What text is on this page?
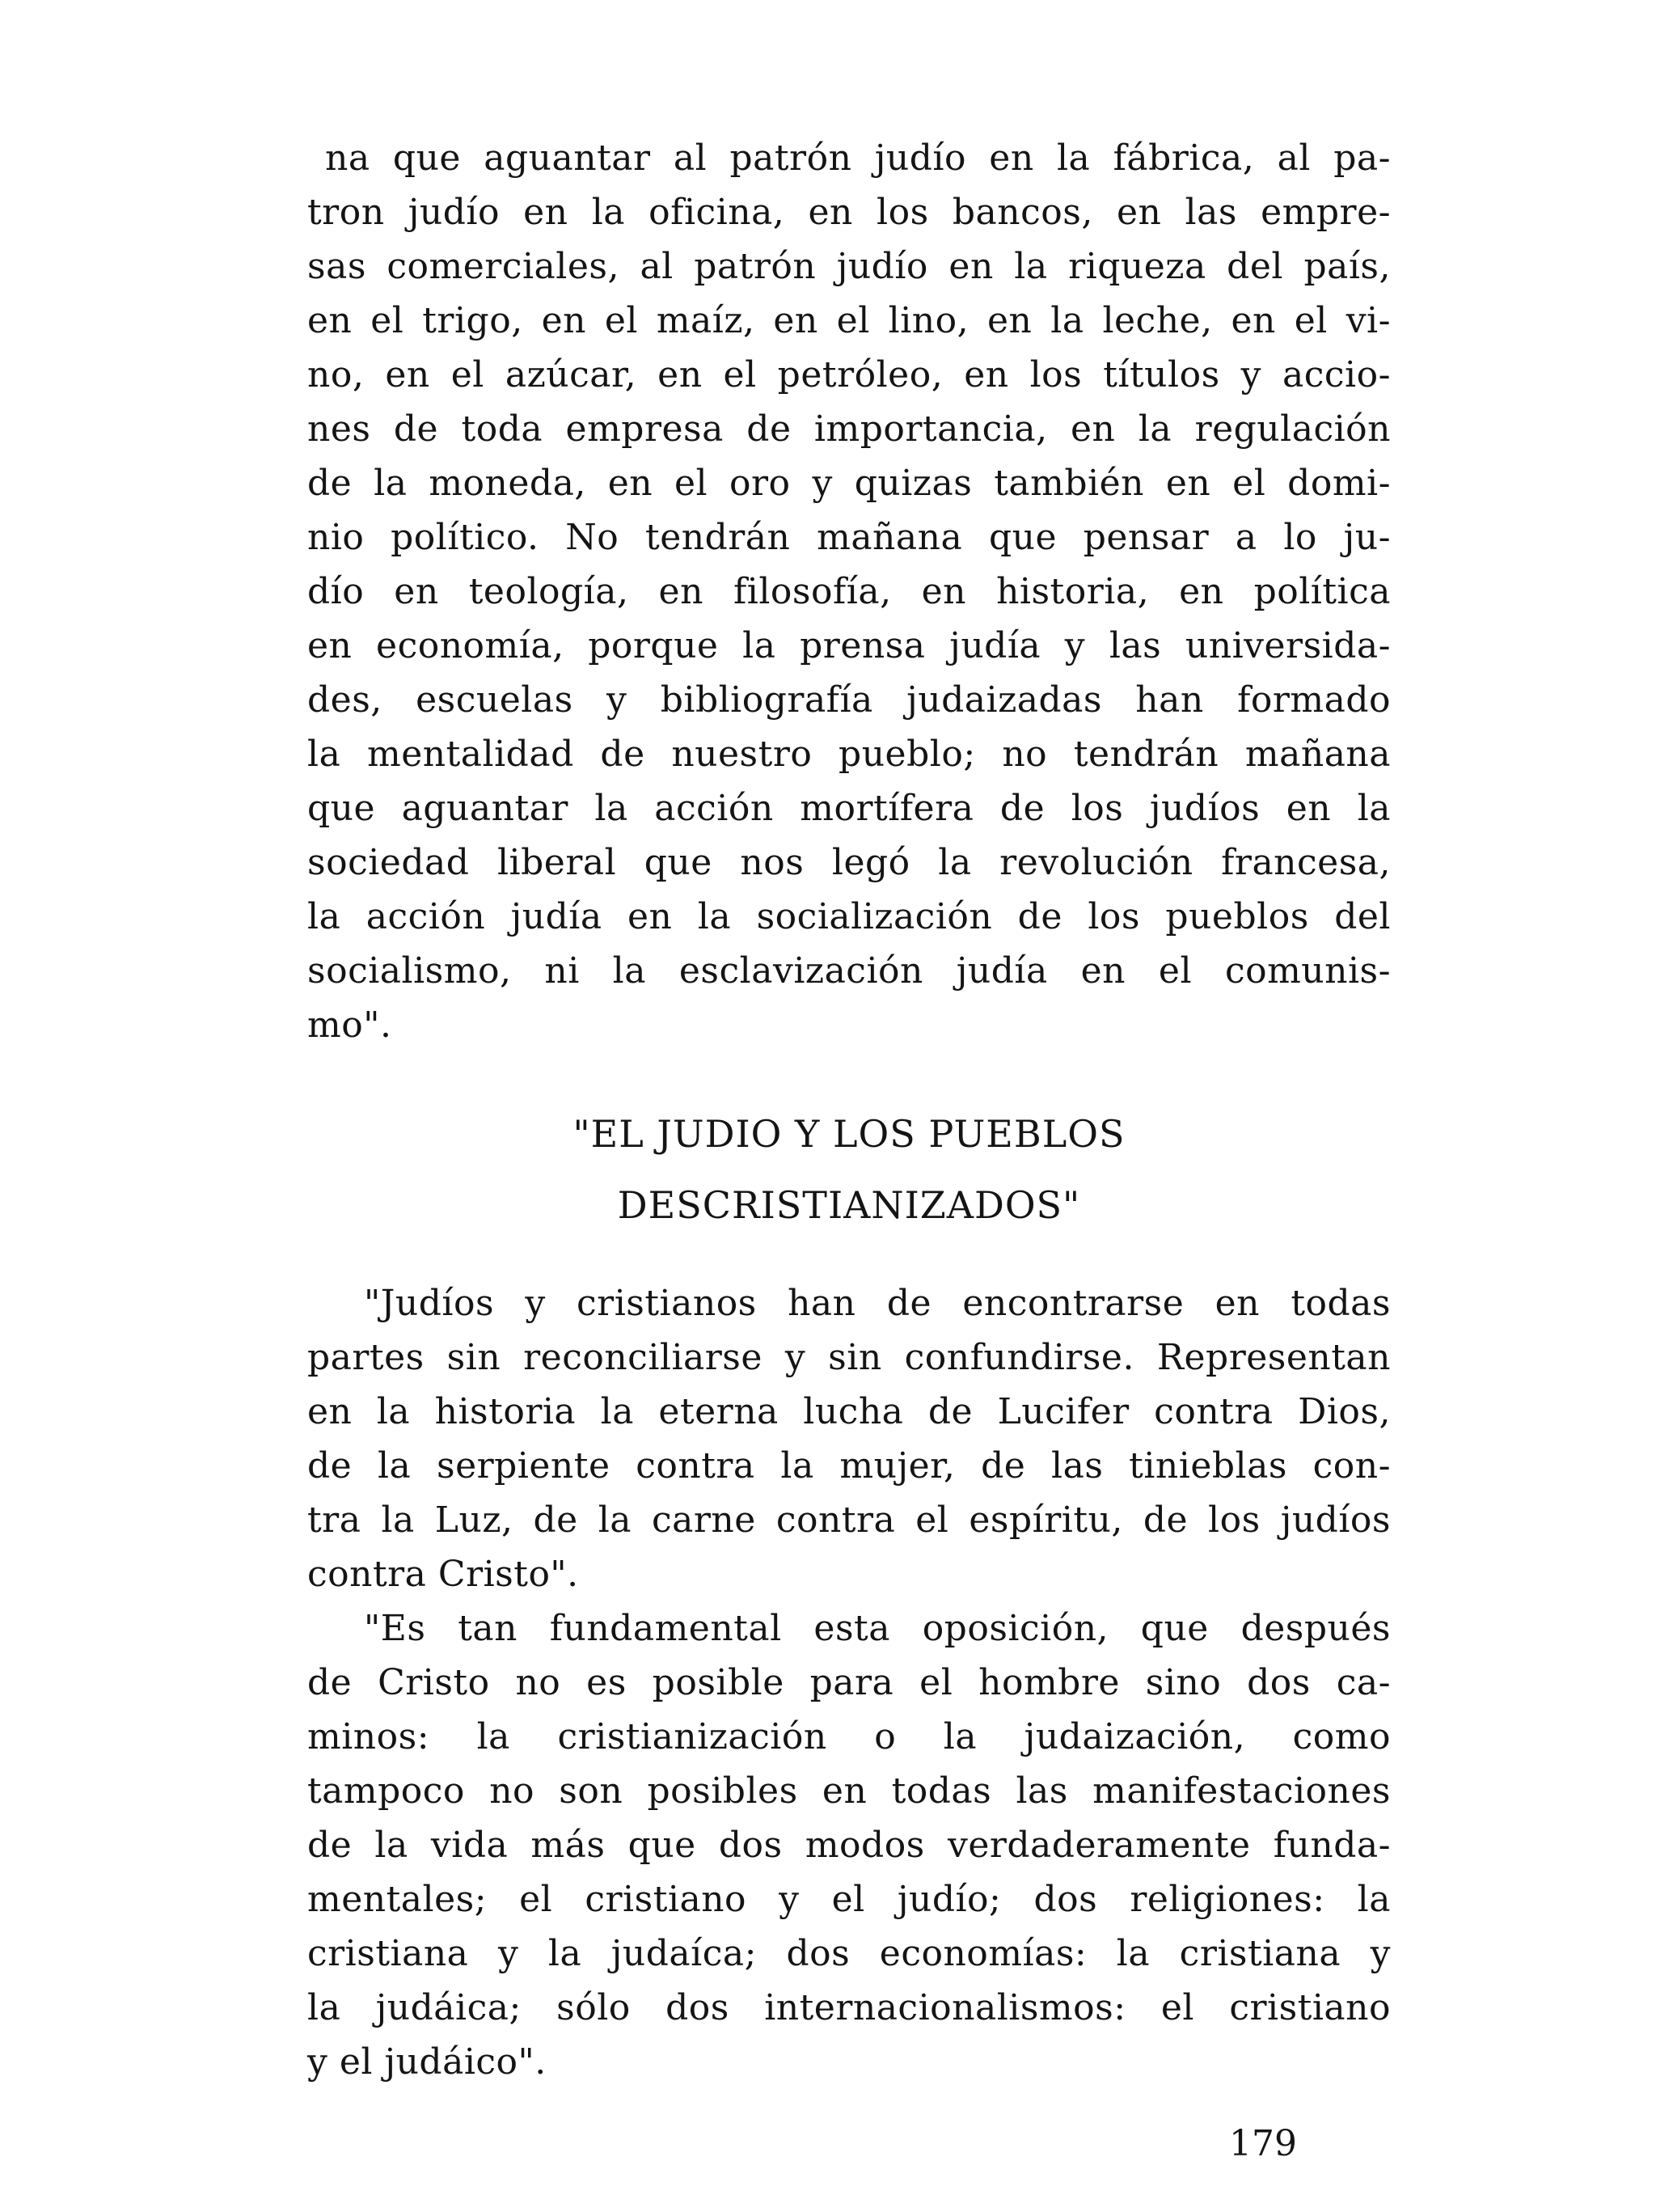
na que aguantar al patrón judío en la fábrica, al pa-
tron judío en la oficina, en los bancos, en las empre-
sas comerciales, al patrón judío en la riqueza del país,
en el trigo, en el maíz, en el lino, en la leche, en el vi-
no, en el azúcar, en el petróleo, en los títulos y accio-
nes de toda empresa de importancia, en la regulación
de la moneda, en el oro y quizas también en el domi-
nio político. No tendrán mañana que pensar a lo ju-
dío en teología, en filosofía, en historia, en política
en economía, porque la prensa judía y las universida-
des, escuelas y bibliografía judaizadas han formado
la mentalidad de nuestro pueblo; no tendrán mañana
que aguantar la acción mortífera de los judíos en la
sociedad liberal que nos legó la revolución francesa,
la acción judía en la socialización de los pueblos del
socialismo, ni la esclavización judía en el comunis-
mo".
"EL JUDIO Y LOS PUEBLOS
DESCRISTIANIZADOS"
"Judíos y cristianos han de encontrarse en todas
partes sin reconciliarse y sin confundirse. Representan
en la historia la eterna lucha de Lucifer contra Dios,
de la serpiente contra la mujer, de las tinieblas con-
tra la Luz, de la carne contra el espíritu, de los judíos
contra Cristo".
"Es tan fundamental esta oposición, que después
de Cristo no es posible para el hombre sino dos ca-
minos: la cristianización o la judaización, como
tampoco no son posibles en todas las manifestaciones
de la vida más que dos modos verdaderamente funda-
mentales; el cristiano y el judío; dos religiones: la
cristiana y la judaíca; dos economías: la cristiana y
la judáica; sólo dos internacionalismos: el cristiano
y el judáico".
179
